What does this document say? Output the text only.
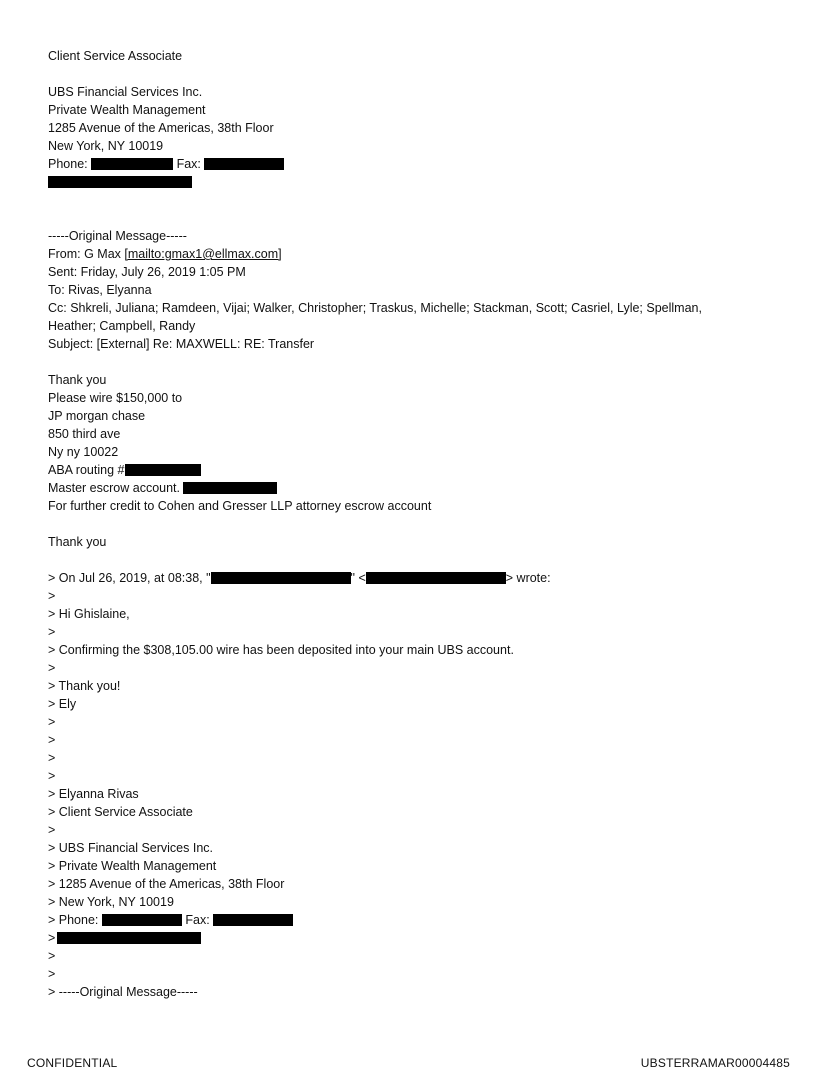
Client Service Associate
UBS Financial Services Inc.
Private Wealth Management
1285 Avenue of the Americas, 38th Floor
New York, NY 10019
Phone:	Fax:
-----Original Message-----
From: G Max [mailto:gmax1@ellmax.com]
Sent: Friday, July 26, 2019 1:05 PM
To: Rivas, Elyanna
Cc: Shkreli, Juliana; Ramdeen, Vijai; Walker, Christopher; Traskus, Michelle; Stackman, Scott; Casriel, Lyle; Spellman,
Heather; Campbell, Randy
Subject: [External] Re: MAXWELL: RE: Transfer
Thank you
Please wire $150,000 to
JP morgan chase
850 third ave
Ny ny 10022
ABA routing #
Master escrow account.
For further credit to Cohen and Gresser LLP attorney escrow account
Thank you
> On Jul 26, 2019, at 08:38, "	" <	> wrote:
>
> Hi Ghislaine,
>
> Confirming the $308,105.00 wire has been deposited into your main UBS account.
>
> Thank you!
> Ely
>
>
>
>
> Elyanna Rivas
> Client Service Associate
>
> UBS Financial Services Inc.
> Private Wealth Management
> 1285 Avenue of the Americas, 38th Floor
> New York, NY 10019
> Phone:	Fax:
>
>
>
> -----Original Message-----
CONFIDENTIAL	UBSTERRAMAR00004485
